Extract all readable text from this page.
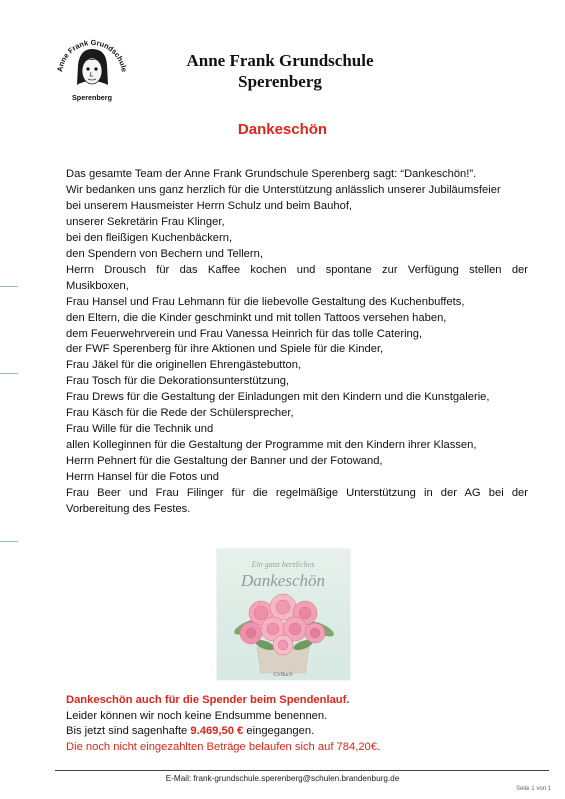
Anne Frank Grundschule
Sperenberg
Anne Frank Grundschule
Sperenberg
Dankeschön
Das gesamte Team der Anne Frank Grundschule Sperenberg sagt: “Dankeschön!”.
Wir bedanken uns ganz herzlich für die Unterstützung anlässlich unserer Jubiläumsfeier
bei unserem Hausmeister Herrn Schulz und beim Bauhof,
unserer Sekretärin Frau Klinger,
bei den fleißigen Kuchenbäckern,
den Spendern von Bechern und Tellern,
Herrn Drousch für das Kaffee kochen und spontane zur Verfügung stellen der
Musikboxen,
Frau Hansel und Frau Lehmann für die liebevolle Gestaltung des Kuchenbuffets,
den Eltern, die die Kinder geschminkt und mit tollen Tattoos versehen haben,
dem Feuerwehrverein und Frau Vanessa Heinrich für das tolle Catering,
der FWF Sperenberg für ihre Aktionen und Spiele für die Kinder,
Frau Jäkel für die originellen Ehrengästebutton,
Frau Tosch für die Dekorationsunterstützung,
Frau Drews für die Gestaltung der Einladungen mit den Kindern und die Kunstgalerie,
Frau Käsch für die Rede der Schülersprecher,
Frau Wille für die Technik und
allen Kolleginnen für die Gestaltung der Programme mit den Kindern ihrer Klassen,
Herrn Pehnert für die Gestaltung der Banner und der Fotowand,
Herrn Hansel für die Fotos und
Frau Beer und Frau Filinger für die regelmäßige Unterstützung in der AG bei der
Vorbereitung des Festes.
Ein ganz herzliches
Dankeschön
CoBuch
Dankeschön auch für die Spender beim Spendenlauf.
Leider können wir noch keine Endsumme benennen.
Bis jetzt sind sagenhafte 9.469,50 € eingegangen.
Die noch nicht eingezahlten Beträge belaufen sich auf 784,20€.
E-Mail: frank-grundschule.sperenberg@schulen.brandenburg.de
Seite 1 von 1
